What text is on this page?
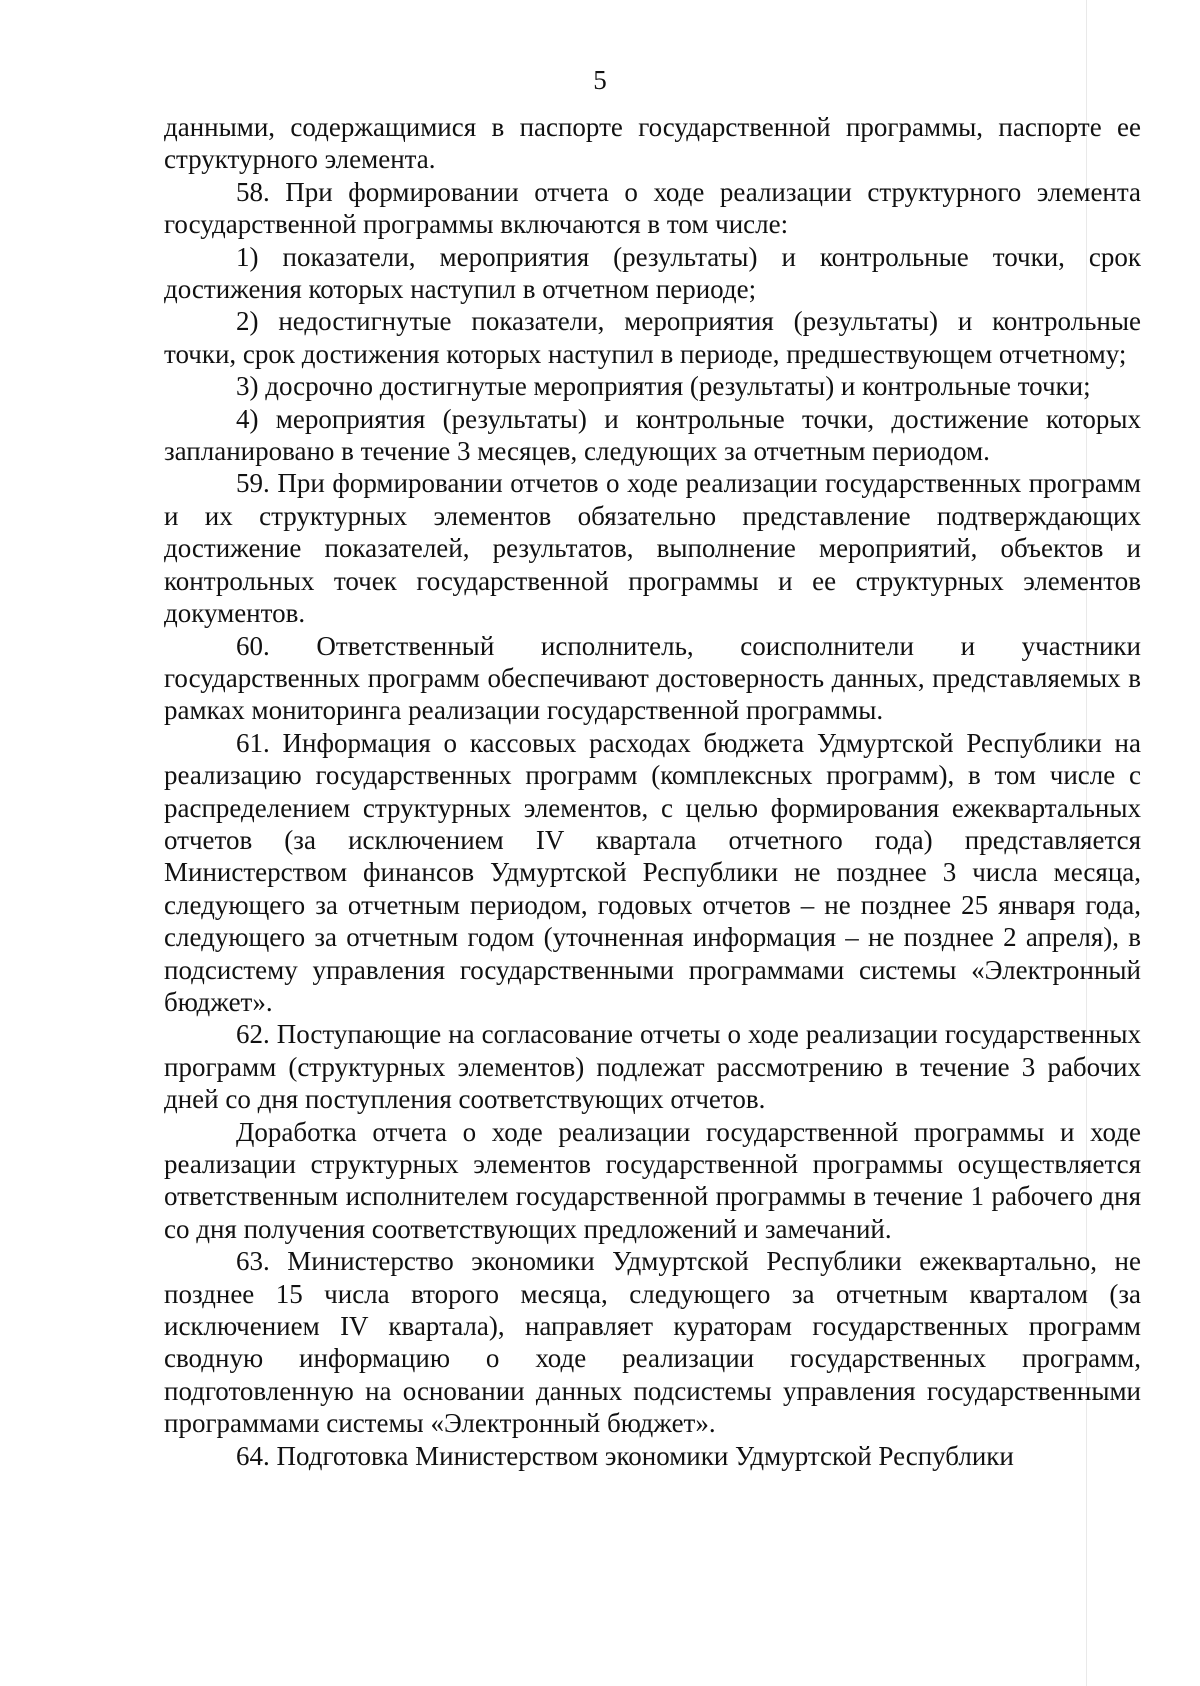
5

данными, содержащимися в паспорте государственной программы, паспорте ее структурного элемента.

58. При формировании отчета о ходе реализации структурного элемента государственной программы включаются в том числе:

1) показатели, мероприятия (результаты) и контрольные точки, срок достижения которых наступил в отчетном периоде;

2) недостигнутые показатели, мероприятия (результаты) и контрольные точки, срок достижения которых наступил в периоде, предшествующем отчетному;

3) досрочно достигнутые мероприятия (результаты) и контрольные точки;

4) мероприятия (результаты) и контрольные точки, достижение которых запланировано в течение 3 месяцев, следующих за отчетным периодом.

59. При формировании отчетов о ходе реализации государственных программ и их структурных элементов обязательно представление подтверждающих достижение показателей, результатов, выполнение мероприятий, объектов и контрольных точек государственной программы и ее структурных элементов документов.

60. Ответственный исполнитель, соисполнители и участники государственных программ обеспечивают достоверность данных, представляемых в рамках мониторинга реализации государственной программы.

61. Информация о кассовых расходах бюджета Удмуртской Республики на реализацию государственных программ (комплексных программ), в том числе с распределением структурных элементов, с целью формирования ежеквартальных отчетов (за исключением IV квартала отчетного года) представляется Министерством финансов Удмуртской Республики не позднее 3 числа месяца, следующего за отчетным периодом, годовых отчетов – не позднее 25 января года, следующего за отчетным годом (уточненная информация – не позднее 2 апреля), в подсистему управления государственными программами системы «Электронный бюджет».

62. Поступающие на согласование отчеты о ходе реализации государственных программ (структурных элементов) подлежат рассмотрению в течение 3 рабочих дней со дня поступления соответствующих отчетов.

Доработка отчета о ходе реализации государственной программы и ходе реализации структурных элементов государственной программы осуществляется ответственным исполнителем государственной программы в течение 1 рабочего дня со дня получения соответствующих предложений и замечаний.

63. Министерство экономики Удмуртской Республики ежеквартально, не позднее 15 числа второго месяца, следующего за отчетным кварталом (за исключением IV квартала), направляет кураторам государственных программ сводную информацию о ходе реализации государственных программ, подготовленную на основании данных подсистемы управления государственными программами системы «Электронный бюджет».

64. Подготовка Министерством экономики Удмуртской Республики
